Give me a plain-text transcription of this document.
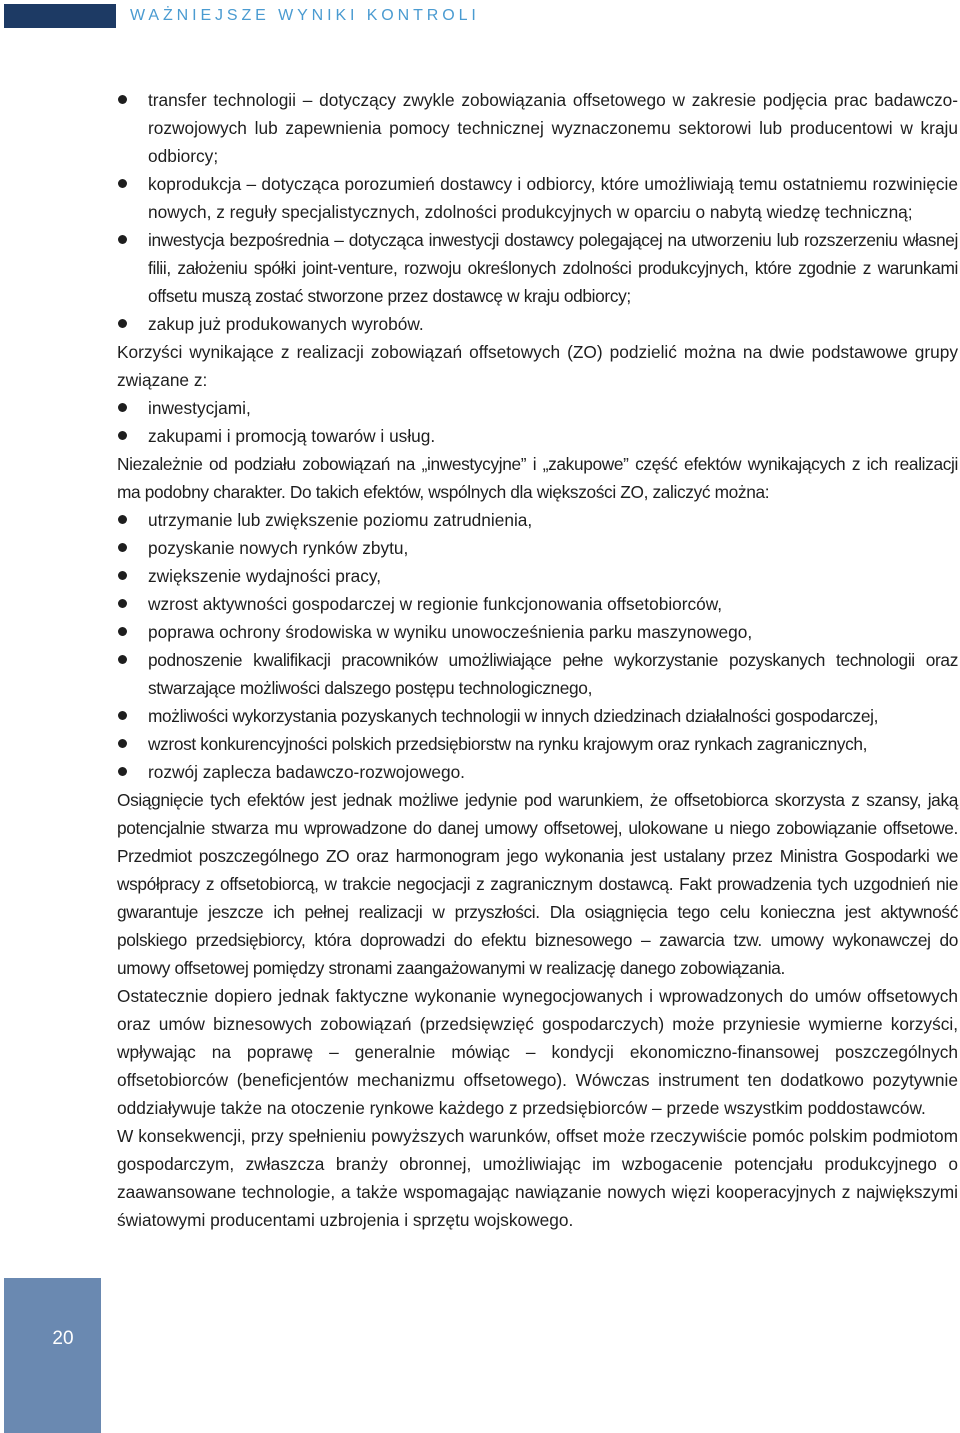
WAŻNIEJSZE WYNIKI KONTROLI
20
transfer technologii – dotyczący zwykle zobowiązania offsetowego w zakresie podjęcia prac badawczo-rozwojowych lub zapewnienia pomocy technicznej wyznaczonemu sektorowi lub producentowi w kraju odbiorcy;
koprodukcja – dotycząca porozumień dostawcy i odbiorcy, które umożliwiają temu ostatniemu rozwinięcie nowych, z reguły specjalistycznych, zdolności produkcyjnych w oparciu o nabytą wiedzę techniczną;
inwestycja bezpośrednia – dotycząca inwestycji dostawcy polegającej na utworzeniu lub rozszerzeniu własnej filii, założeniu spółki joint-venture, rozwoju określonych zdolności produkcyjnych, które zgodnie z warunkami offsetu muszą zostać stworzone przez dostawcę w kraju odbiorcy;
zakup już produkowanych wyrobów.

Korzyści wynikające z realizacji zobowiązań offsetowych (ZO) podzielić można na dwie podstawowe grupy związane z:

inwestycjami,
zakupami i promocją towarów i usług.

Niezależnie od podziału zobowiązań na „inwestycyjne” i „zakupowe” część efektów wynikających z ich realizacji ma podobny charakter. Do takich efektów, wspólnych dla większości ZO, zaliczyć można:

utrzymanie lub zwiększenie poziomu zatrudnienia,
pozyskanie nowych rynków zbytu,
zwiększenie wydajności pracy,
wzrost aktywności gospodarczej w regionie funkcjonowania offsetobiorców,
poprawa ochrony środowiska w wyniku unowocześnienia parku maszynowego,
podnoszenie kwalifikacji pracowników umożliwiające pełne wykorzystanie pozyskanych technologii oraz stwarzające możliwości dalszego postępu technologicznego,
możliwości wykorzystania pozyskanych technologii w innych dziedzinach działalności gospodarczej,
wzrost konkurencyjności polskich przedsiębiorstw na rynku krajowym oraz rynkach zagranicznych,
rozwój zaplecza badawczo-rozwojowego.

Osiągnięcie tych efektów jest jednak możliwe jedynie pod warunkiem, że offsetobiorca skorzysta z szansy, jaką potencjalnie stwarza mu wprowadzone do danej umowy offsetowej, ulokowane u niego zobowiązanie offsetowe. Przedmiot poszczególnego ZO oraz harmonogram jego wykonania jest ustalany przez Ministra Gospodarki we współpracy z offsetobiorcą, w trakcie negocjacji z zagranicznym dostawcą. Fakt prowadzenia tych uzgodnień nie gwarantuje jeszcze ich pełnej realizacji w przyszłości. Dla osiągnięcia tego celu konieczna jest aktywność polskiego przedsiębiorcy, która doprowadzi do efektu biznesowego – zawarcia tzw. umowy wykonawczej do umowy offsetowej pomiędzy stronami zaangażowanymi w realizację danego zobowiązania.

Ostatecznie dopiero jednak faktyczne wykonanie wynegocjowanych i wprowadzonych do umów offsetowych oraz umów biznesowych zobowiązań (przedsięwzięć gospodarczych) może przyniesie wymierne korzyści, wpływając na poprawę – generalnie mówiąc – kondycji ekonomiczno-finansowej poszczególnych offsetobiorców (beneficjentów mechanizmu offsetowego). Wówczas instrument ten dodatkowo pozytywnie oddziaływuje także na otoczenie rynkowe każdego z przedsiębiorców – przede wszystkim poddostawców.

W konsekwencji, przy spełnieniu powyższych warunków, offset może rzeczywiście pomóc polskim podmiotom gospodarczym, zwłaszcza branży obronnej, umożliwiając im wzbogacenie potencjału produkcyjnego o zaawansowane technologie, a także wspomagając nawiązanie nowych więzi kooperacyjnych z największymi światowymi producentami uzbrojenia i sprzętu wojskowego.
